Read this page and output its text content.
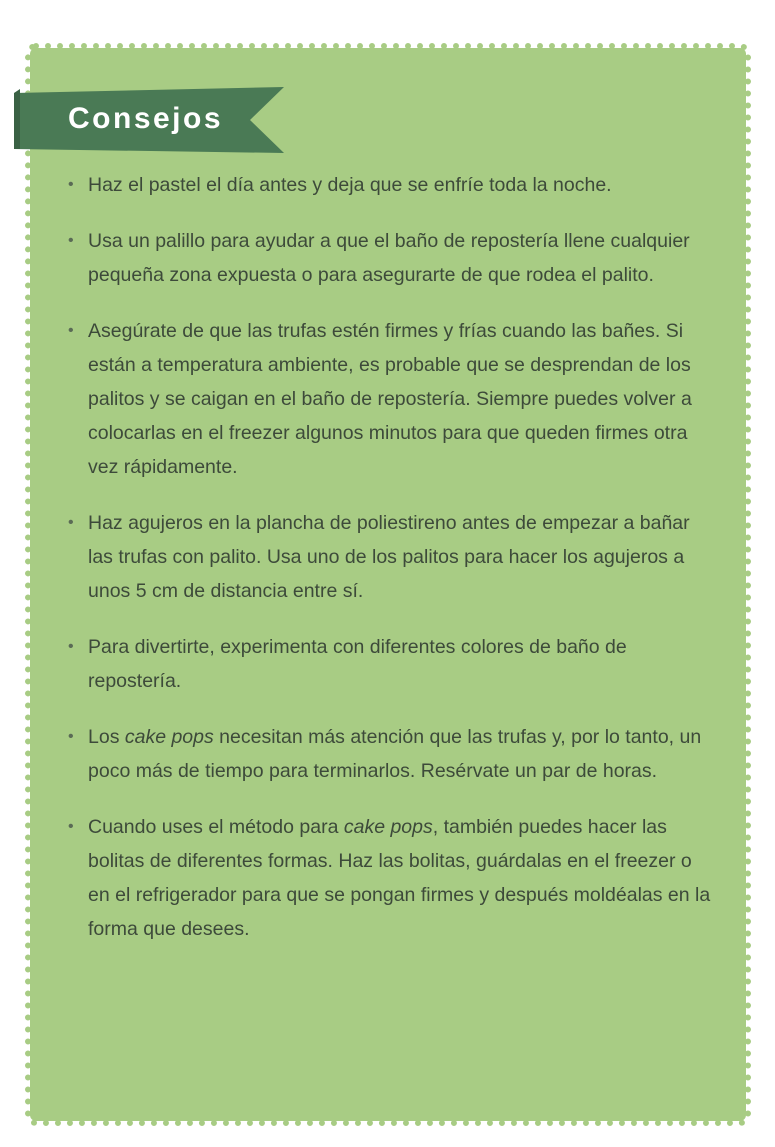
Consejos
• Haz el pastel el día antes y deja que se enfríe toda la noche.
• Usa un palillo para ayudar a que el baño de repostería llene cualquier pequeña zona expuesta o para asegurarte de que rodea el palito.
• Asegúrate de que las trufas estén firmes y frías cuando las bañes. Si están a temperatura ambiente, es probable que se desprendan de los palitos y se caigan en el baño de repostería. Siempre puedes volver a colocarlas en el freezer algunos minutos para que queden firmes otra vez rápidamente.
• Haz agujeros en la plancha de poliestireno antes de empezar a bañar las trufas con palito. Usa uno de los palitos para hacer los agujeros a unos 5 cm de distancia entre sí.
• Para divertirte, experimenta con diferentes colores de baño de repostería.
• Los cake pops necesitan más atención que las trufas y, por lo tanto, un poco más de tiempo para terminarlos. Resérvate un par de horas.
• Cuando uses el método para cake pops, también puedes hacer las bolitas de diferentes formas. Haz las bolitas, guárdalas en el freezer o en el refrigerador para que se pongan firmes y después moldéalas en la forma que desees.
